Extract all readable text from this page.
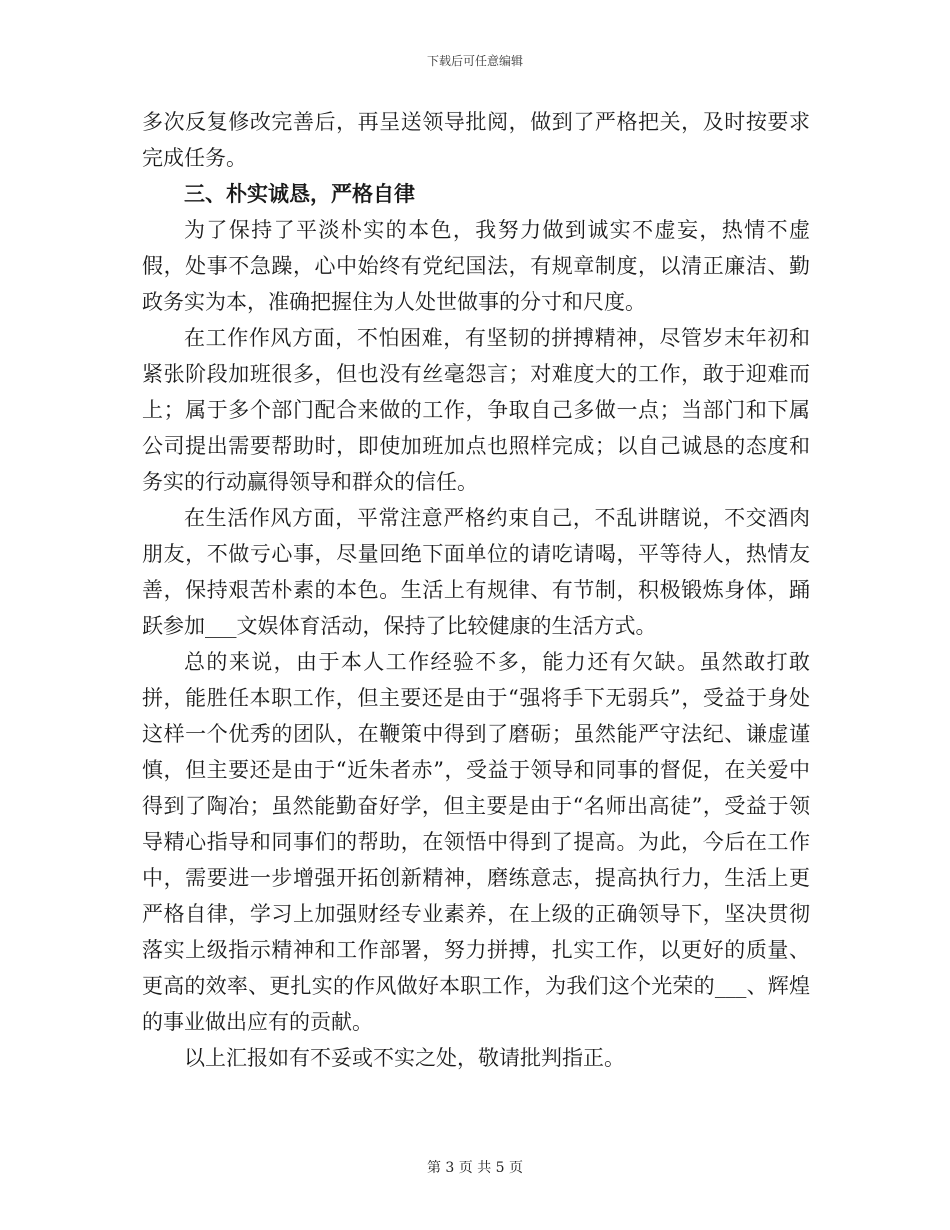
下载后可任意编辑

多次反复修改完善后，再呈送领导批阅，做到了严格把关，及时按要求完成任务。

三、朴实诚恳，严格自律

为了保持了平淡朴实的本色，我努力做到诚实不虚妄，热情不虚假，处事不急躁，心中始终有党纪国法，有规章制度，以清正廉洁、勤政务实为本，准确把握住为人处世做事的分寸和尺度。

在工作作风方面，不怕困难，有坚韧的拼搏精神，尽管岁末年初和紧张阶段加班很多，但也没有丝毫怨言；对难度大的工作，敢于迎难而上；属于多个部门配合来做的工作，争取自己多做一点；当部门和下属公司提出需要帮助时，即使加班加点也照样完成；以自己诚恳的态度和务实的行动赢得领导和群众的信任。

在生活作风方面，平常注意严格约束自己，不乱讲瞎说，不交酒肉朋友，不做亏心事，尽量回绝下面单位的请吃请喝，平等待人，热情友善，保持艰苦朴素的本色。生活上有规律、有节制，积极锻炼身体，踊跃参加___文娱体育活动，保持了比较健康的生活方式。

总的来说，由于本人工作经验不多，能力还有欠缺。虽然敢打敢拼，能胜任本职工作，但主要还是由于“强将手下无弱兵”，受益于身处这样一个优秀的团队，在鞭策中得到了磨砺；虽然能严守法纪、谦虚谨慎，但主要还是由于“近朱者赤”，受益于领导和同事的督促，在关爱中得到了陶冶；虽然能勤奋好学，但主要是由于“名师出高徒”，受益于领导精心指导和同事们的帮助，在领悟中得到了提高。为此，今后在工作中，需要进一步增强开拓创新精神，磨练意志，提高执行力，生活上更严格自律，学习上加强财经专业素养，在上级的正确领导下，坚决贯彻落实上级指示精神和工作部署，努力拼搏，扎实工作，以更好的质量、更高的效率、更扎实的作风做好本职工作，为我们这个光荣的___、辉煌的事业做出应有的贡献。

以上汇报如有不妥或不实之处，敬请批判指正。

第 3 页 共 5 页
